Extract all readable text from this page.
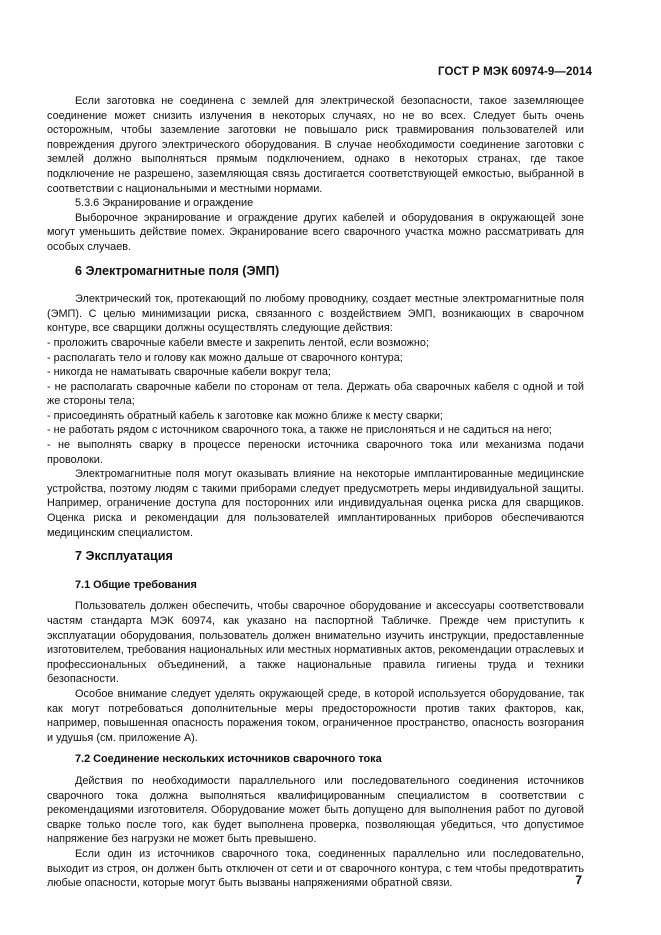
ГОСТ Р МЭК 60974-9—2014

Если заготовка не соединена с землей для электрической безопасности, такое заземляющее соединение может снизить излучения в некоторых случаях, но не во всех. Следует быть очень осторожным, чтобы заземление заготовки не повышало риск травмирования пользователей или повреждения другого электрического оборудования. В случае необходимости соединение заготовки с землей должно выполняться прямым подключением, однако в некоторых странах, где такое подключение не разрешено, заземляющая связь достигается соответствующей емкостью, выбранной в соответствии с национальными и местными нормами.

5.3.6 Экранирование и ограждение

Выборочное экранирование и ограждение других кабелей и оборудования в окружающей зоне могут уменьшить действие помех. Экранирование всего сварочного участка можно рассматривать для особых случаев.

6 Электромагнитные поля (ЭМП)

Электрический ток, протекающий по любому проводнику, создает местные электромагнитные поля (ЭМП). С целью минимизации риска, связанного с воздействием ЭМП, возникающих в сварочном контуре, все сварщики должны осуществлять следующие действия:

- проложить сварочные кабели вместе и закрепить лентой, если возможно;

- располагать тело и голову как можно дальше от сварочного контура;

- никогда не наматывать сварочные кабели вокруг тела;

- не располагать сварочные кабели по сторонам от тела. Держать оба сварочных кабеля с одной и той же стороны тела;

- присоединять обратный кабель к заготовке как можно ближе к месту сварки;

- не работать рядом с источником сварочного тока, а также не прислоняться и не садиться на него;

- не выполнять сварку в процессе переноски источника сварочного тока или механизма подачи проволоки.

Электромагнитные поля могут оказывать влияние на некоторые имплантированные медицинские устройства, поэтому людям с такими приборами следует предусмотреть меры индивидуальной защиты. Например, ограничение доступа для посторонних или индивидуальная оценка риска для сварщиков. Оценка риска и рекомендации для пользователей имплантированных приборов обеспечиваются медицинским специалистом.

7 Эксплуатация
7.1 Общие требования

Пользователь должен обеспечить, чтобы сварочное оборудование и аксессуары соответствовали частям стандарта МЭК 60974, как указано на паспортной Табличке. Прежде чем приступить к эксплуатации оборудования, пользователь должен внимательно изучить инструкции, предоставленные изготовителем, требования национальных или местных нормативных актов, рекомендации отраслевых и профессиональных объединений, а также национальные правила гигиены труда и техники безопасности.

Особое внимание следует уделять окружающей среде, в которой используется оборудование, так как могут потребоваться дополнительные меры предосторожности против таких факторов, как, например, повышенная опасность поражения током, ограниченное пространство, опасность возгорания и удушья (см. приложение А).

7.2 Соединение нескольких источников сварочного тока

Действия по необходимости параллельного или последовательного соединения источников сварочного тока должна выполняться квалифицированным специалистом в соответствии с рекомендациями изготовителя. Оборудование может быть допущено для выполнения работ по дуговой сварке только после того, как будет выполнена проверка, позволяющая убедиться, что допустимое напряжение без нагрузки не может быть превышено.

Если один из источников сварочного тока, соединенных параллельно или последовательно, выходит из строя, он должен быть отключен от сети и от сварочного контура, с тем чтобы предотвратить любые опасности, которые могут быть вызваны напряжениями обратной связи.	7
